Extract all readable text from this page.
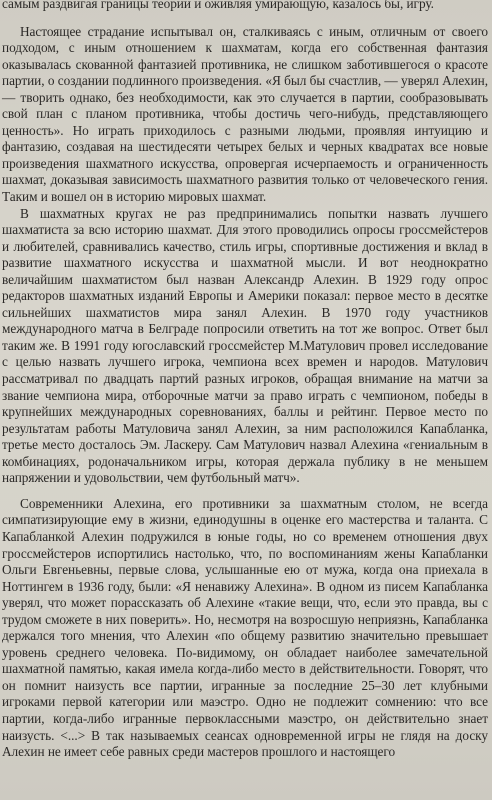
самым раздвигая границы теории и оживляя умирающую, казалось бы, игру.

Настоящее страдание испытывал он, сталкиваясь с иным, отличным от своего подходом, с иным отношением к шахматам, когда его собственная фантазия оказывалась скованной фантазией противника, не слишком заботившегося о красоте партии, о создании подлинного произведения. «Я был бы счастлив, — уверял Алехин, — творить однако, без необходимости, как это случается в партии, сообразовывать свой план с планом противника, чтобы достичь чего-нибудь, представляющего ценность». Но играть приходилось с разными людьми, проявляя интуицию и фантазию, создавая на шестидесяти четырех белых и черных квадратах все новые произведения шахматного искусства, опровергая исчерпаемость и ограниченность шахмат, доказывая зависимость шахматного развития только от человеческого гения. Таким и вошел он в историю мировых шахмат.

В шахматных кругах не раз предпринимались попытки назвать лучшего шахматиста за всю историю шахмат. Для этого проводились опросы гроссмейстеров и любителей, сравнивались качество, стиль игры, спортивные достижения и вклад в развитие шахматного искусства и шахматной мысли. И вот неоднократно величайшим шахматистом был назван Александр Алехин. В 1929 году опрос редакторов шахматных изданий Европы и Америки показал: первое место в десятке сильнейших шахматистов мира занял Алехин. В 1970 году участников международного матча в Белграде попросили ответить на тот же вопрос. Ответ был таким же. В 1991 году югославский гроссмейстер М.Матулович провел исследование с целью назвать лучшего игрока, чемпиона всех времен и народов. Матулович рассматривал по двадцать партий разных игроков, обращая внимание на матчи за звание чемпиона мира, отборочные матчи за право играть с чемпионом, победы в крупнейших международных соревнованиях, баллы и рейтинг. Первое место по результатам работы Матуловича занял Алехин, за ним расположился Капабланка, третье место досталось Эм. Ласкеру. Сам Матулович назвал Алехина «гениальным в комбинациях, родоначальником игры, которая держала публику в не меньшем напряжении и удовольствии, чем футбольный матч».

Современники Алехина, его противники за шахматным столом, не всегда симпатизирующие ему в жизни, единодушны в оценке его мастерства и таланта. С Капабланкой Алехин подружился в юные годы, но со временем отношения двух гроссмейстеров испортились настолько, что, по воспоминаниям жены Капабланки Ольги Евгеньевны, первые слова, услышанные ею от мужа, когда она приехала в Ноттингем в 1936 году, были: «Я ненавижу Алехина». В одном из писем Капабланка уверял, что может порассказать об Алехине «такие вещи, что, если это правда, вы с трудом сможете в них поверить». Но, несмотря на возросшую неприязнь, Капабланка держался того мнения, что Алехин «по общему развитию значительно превышает уровень среднего человека. По-видимому, он обладает наиболее замечательной шахматной памятью, какая имела когда-либо место в действительности. Говорят, что он помнит наизусть все партии, игранные за последние 25–30 лет клубными игроками первой категории или маэстро. Одно не подлежит сомнению: что все партии, когда-либо игранные первоклассными маэстро, он действительно знает наизусть. <...> В так называемых сеансах одновременной игры не глядя на доску Алехин не имеет себе равных среди мастеров прошлого и настоящего
